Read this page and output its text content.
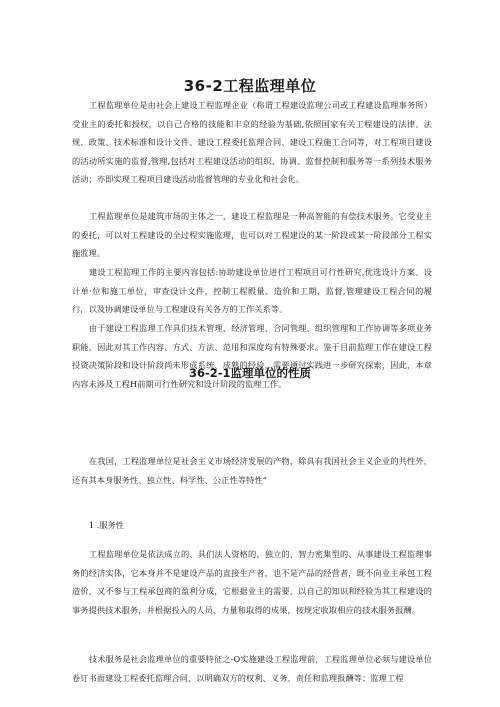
36-2工程监理单位

工程监理单位是由社会上建设工程监理企业（称谓工程建设监理公司或工程建设监理事务所）受业主的委托和授权，以自己合格的技能和丰京的经验为基础,依照国家有关工程建设的法律、法规、政策、技术标准和设计文件、建设工程委托监理合同、建设工程施工合同等，对工程项目建设的活动所实施的监督,管理,包括对工程建设活动的组织、协调、监督控制和服务等一系列技术服务活动；亦即实现工程项目建设活动监督管理的专业化和社会化。

工程监理单位是建筑市场的主体之一，建设工程监理是一种高智能的有偿技术服务。它受业主的委托，可以对工程建设的全过程实施监理，也可以对工程建设的某一阶段或某一阶段部分工程实施监理。

建设工程监理工作的主要内容包括:协助建设单位进行工程项目可行性研究,优选设计方案、设计单·位和施工单位，审查设计文件，控制工程殿量、造价和工期，监督,管理建设工程合同的履行，以及协调建设单位与工程建设有关各方的工作关系等。

由于建设工程监理工作具们技术管理、经济管理、合同管理、组织管理和工作协调等多项业务职能，因此对其工作内容、方式、方法、范用和深度均有特殊要求。鉴于目前监理工作在建设工程投资决策阶段和设计阶段尚未形成系统、成熟的经验，需要通过实践进一步研究探索，因此，本章内容未涉及工程H前期可行性研究和设计阶段的监理工作。

36-2-1监理单位的性质

在我国，工程监理单位是社会主义市场经济发展的产物，除具有我国社会主义企业的共性外，还有其本身服务性、独立性、科学性、公正性等特性“

1 .服务性

工程监理单位是依法成立的、具们法人资格的、独立的、智力密集型的、从事建设工程监理事务的经济实体，它本身并不是建设产品的直接生产者，也不是产品的经营者，既不向业主承包工程造价，又不参与工程承包商的盈利分成，它根据业主的需要，以自己的知识和经验为其工程建设的事务提供技术服务，并根据投入的人员、力量和取得的成果，按规定收取相应的技术服务报酬。

技术服务是社会监理单位的重要特征之-O实施建设工程监理前，工程监理单位必须与建设单位卷订书面建设工程委托监理合同，以明确双方的权利、义务、责任和监理报酬等；监理工程
